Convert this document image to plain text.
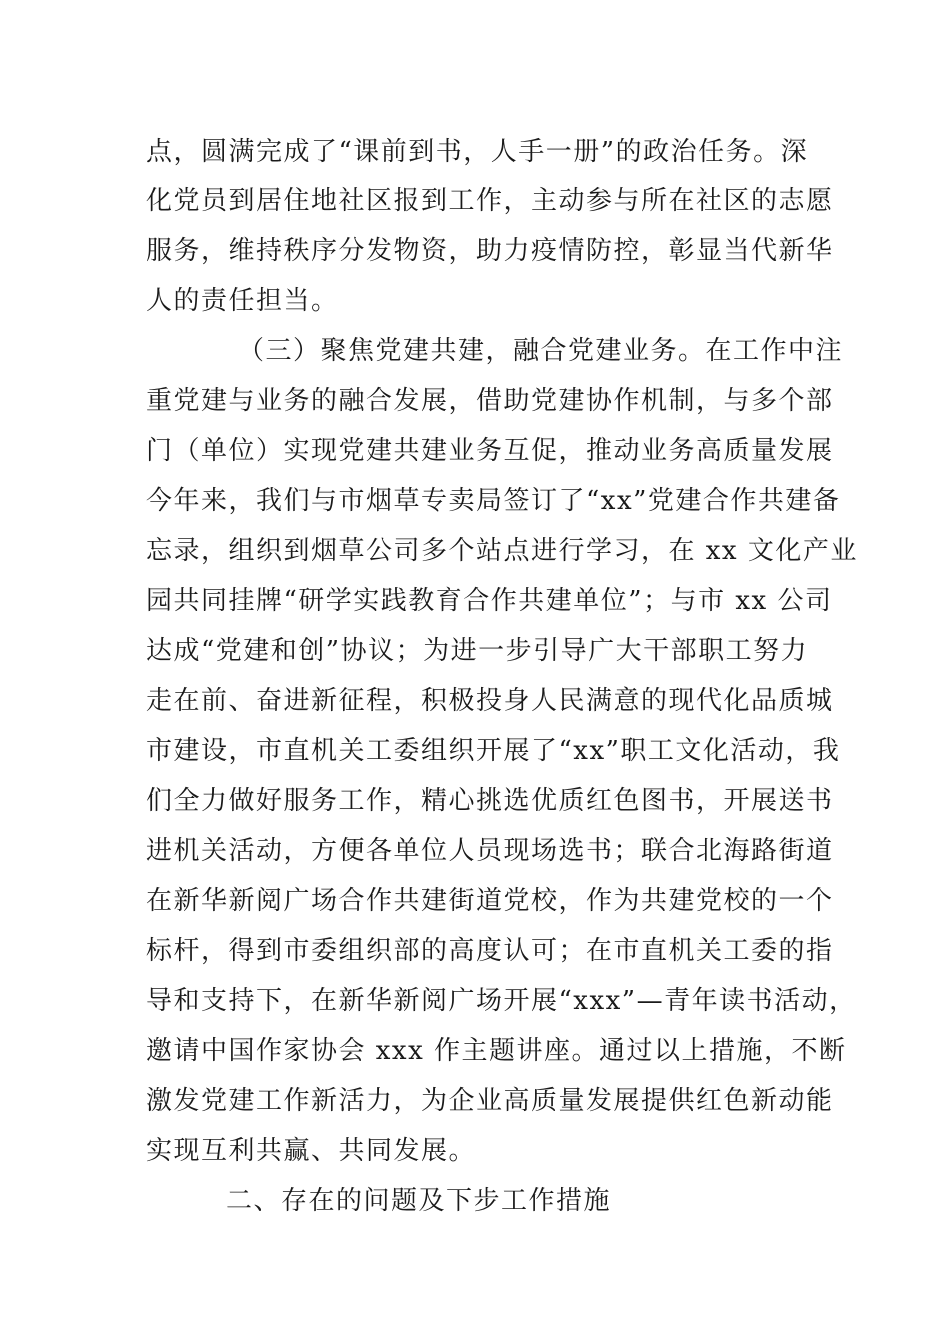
点，圆满完成了“课前到书，人手一册”的政治任务。深
化党员到居住地社区报到工作，主动参与所在社区的志愿
服务，维持秩序分发物资，助力疫情防控，彰显当代新华
人的责任担当。
（三）聚焦党建共建，融合党建业务。在工作中注
重党建与业务的融合发展，借助党建协作机制，与多个部
门（单位）实现党建共建业务互促，推动业务高质量发展
今年来，我们与市烟草专卖局签订了“xx”党建合作共建备
忘录，组织到烟草公司多个站点进行学习，在 xx 文化产业
园共同挂牌“研学实践教育合作共建单位”；与市 xx 公司
达成“党建和创”协议；为进一步引导广大干部职工努力
走在前、奋进新征程，积极投身人民满意的现代化品质城
市建设，市直机关工委组织开展了“xx”职工文化活动，我
们全力做好服务工作，精心挑选优质红色图书，开展送书
进机关活动，方便各单位人员现场选书；联合北海路街道
在新华新阅广场合作共建街道党校，作为共建党校的一个
标杆，得到市委组织部的高度认可；在市直机关工委的指
导和支持下，在新华新阅广场开展“xxx”—青年读书活动，
邀请中国作家协会 xxx 作主题讲座。通过以上措施，不断
激发党建工作新活力，为企业高质量发展提供红色新动能
实现互利共赢、共同发展。
二、存在的问题及下步工作措施
